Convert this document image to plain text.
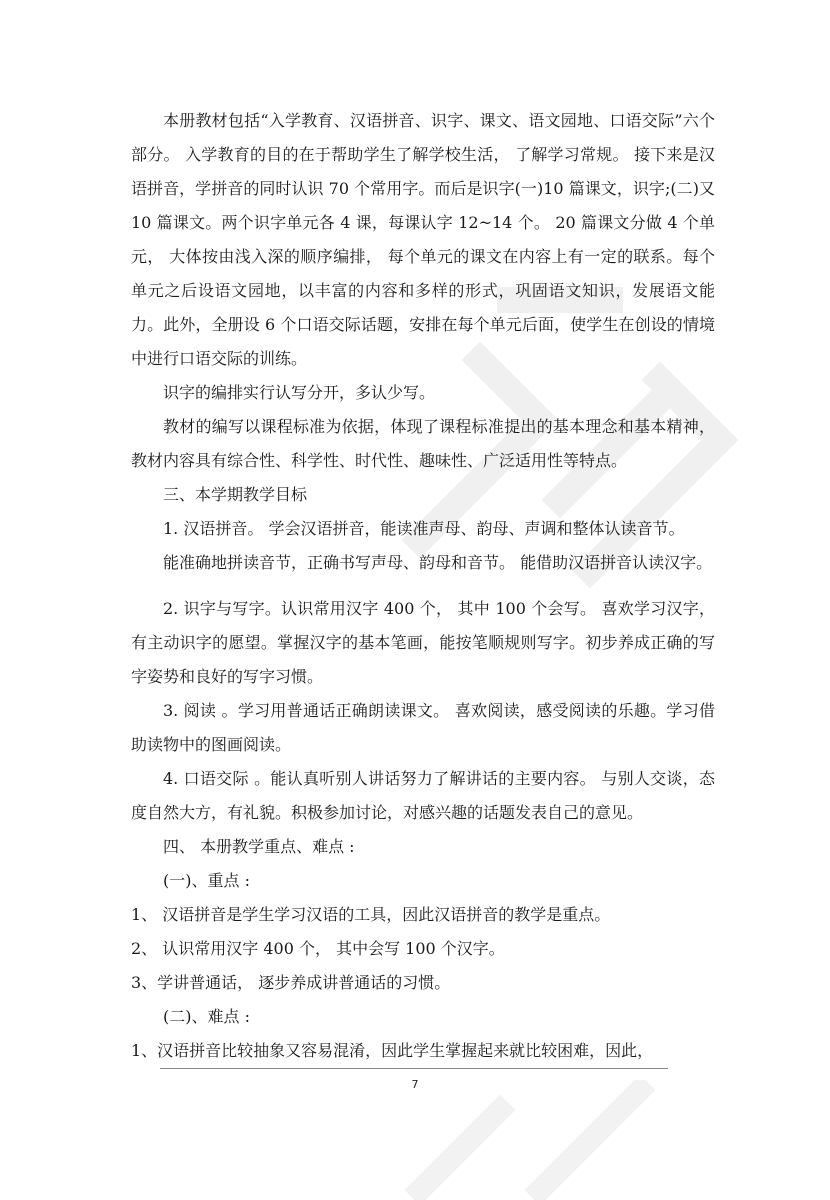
本册教材包括“入学教育、汉语拼音、识字、课文、语文园地、口语交际”六个部分。 入学教育的目的在于帮助学生了解学校生活， 了解学习常规。 接下来是汉语拼音，学拼音的同时认识 70 个常用字。而后是识字(一)10 篇课文，识字;(二)又 10 篇课文。两个识字单元各 4 课，每课认字 12~14 个。 20 篇课文分做 4 个单元， 大体按由浅入深的顺序编排， 每个单元的课文在内容上有一定的联系。每个单元之后设语文园地，以丰富的内容和多样的形式，巩固语文知识，发展语文能力。此外，全册设 6 个口语交际话题，安排在每个单元后面，使学生在创设的情境中进行口语交际的训练。

识字的编排实行认写分开，多认少写。

教材的编写以课程标准为依据，体现了课程标准提出的基本理念和基本精神，教材内容具有综合性、科学性、时代性、趣味性、广泛适用性等特点。

三、本学期教学目标

1. 汉语拼音。 学会汉语拼音，能读准声母、韵母、声调和整体认读音节。

能准确地拼读音节，正确书写声母、韵母和音节。 能借助汉语拼音认读汉字。

2. 识字与写字。认识常用汉字 400 个， 其中 100 个会写。 喜欢学习汉字，有主动识字的愿望。掌握汉字的基本笔画，能按笔顺规则写字。初步养成正确的写字姿势和良好的写字习惯。

3. 阅读 。学习用普通话正确朗读课文。 喜欢阅读，感受阅读的乐趣。学习借助读物中的图画阅读。

4. 口语交际 。能认真听别人讲话努力了解讲话的主要内容。 与别人交谈，态度自然大方，有礼貌。积极参加讨论，对感兴趣的话题发表自己的意见。

四、 本册教学重点、难点 :

(一)、重点 :

1、 汉语拼音是学生学习汉语的工具，因此汉语拼音的教学是重点。

2、 认识常用汉字 400 个， 其中会写 100 个汉字。

3、学讲普通话， 逐步养成讲普通话的习惯。

(二)、难点 :

1、汉语拼音比较抽象又容易混淆，因此学生掌握起来就比较困难，因此，

7
